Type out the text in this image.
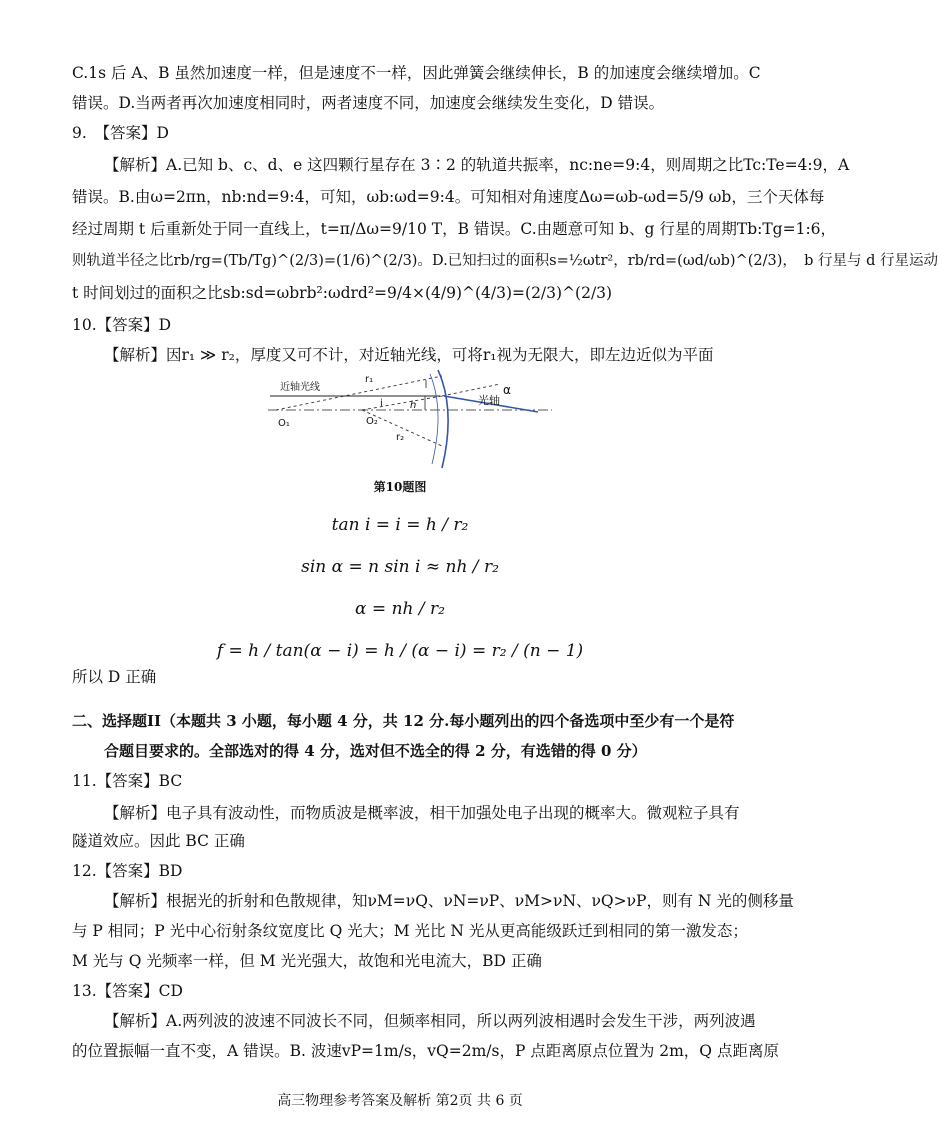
C.1s 后 A、B 虽然加速度一样，但是速度不一样，因此弹簧会继续伸长，B 的加速度会继续增加。C

错误。D.当两者再次加速度相同时，两者速度不同，加速度会继续发生变化，D 错误。

9.　【答案】D

【解析】A.已知 b、c、d、e 这四颗行星存在 3∶2 的轨道共振率，nc:ne=9:4，则周期之比Tc:Te=4:9，A

错误。B.由ω=2πn，nb:nd=9:4，可知，ωb:ωd=9:4。可知相对角速度Δω=ωb-ωd=5/9 ωb，三个天体每

经过周期 t 后重新处于同一直线上，t=π/Δω=9/10 T，B 错误。C.由题意可知 b、g 行星的周期Tb:Tg=1:6，

则轨道半径之比rb/rg=(Tb/Tg)^(2/3)=(1/6)^(2/3)。D.已知扫过的面积s=½ωtr²，rb/rd=(ωd/ωb)^(2/3)，　b 行星与 d 行星运动

t 时间划过的面积之比sb:sd=ωbrb²:ωdrd²=9/4×(4/9)^(4/3)=(2/3)^(2/3)

10.【答案】D

【解析】因r₁ ≫ r₂，厚度又可不计，对近轴光线，可将r₁视为无限大，即左边近似为平面

近轴光线
r₁
i	h
O₁	O₂
r₂
光轴
α

第10题图

tan i = i = h / r₂

sin α = n sin i ≈ nh / r₂

α = nh / r₂

f = h / tan(α − i) = h / (α − i) = r₂ / (n − 1)

所以 D 正确

二、选择题II（本题共 3 小题，每小题 4 分，共 12 分.每小题列出的四个备选项中至少有一个是符

合题目要求的。全部选对的得 4 分，选对但不选全的得 2 分，有选错的得 0 分）

11.【答案】BC

【解析】电子具有波动性，而物质波是概率波，相干加强处电子出现的概率大。微观粒子具有

隧道效应。因此 BC 正确

12.【答案】BD

【解析】根据光的折射和色散规律，知νM=νQ、νN=νP、νM>νN、νQ>νP，则有 N 光的侧移量

与 P 相同；P 光中心衍射条纹宽度比 Q 光大；M 光比 N 光从更高能级跃迁到相同的第一激发态；

M 光与 Q 光频率一样，但 M 光光强大，故饱和光电流大，BD 正确

13.【答案】CD

【解析】A.两列波的波速不同波长不同，但频率相同，所以两列波相遇时会发生干涉，两列波遇

的位置振幅一直不变，A 错误。B. 波速vP=1m/s，vQ=2m/s，P 点距离原点位置为 2m，Q 点距离原

高三物理参考答案及解析 第2页 共 6 页
